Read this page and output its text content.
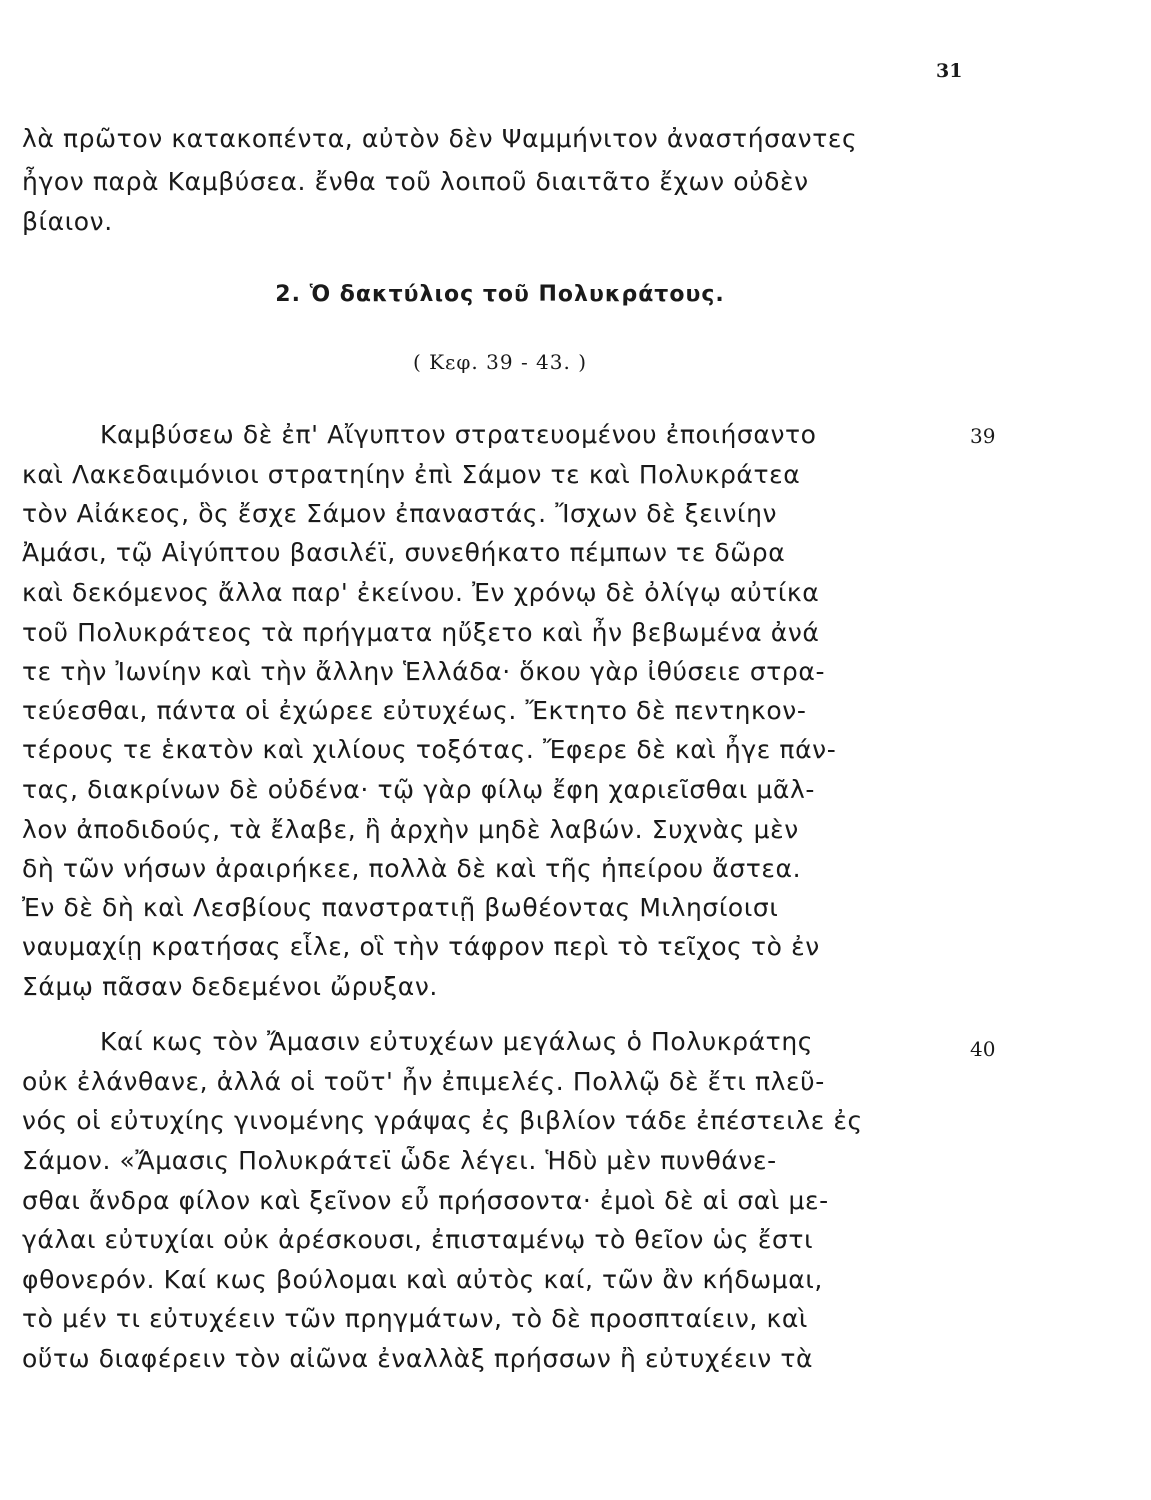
31

λὰ πρῶτον κατακοπέντα, αὐτὸν δὲν Ψαμμήνιτον ἀναστήσαντες

ἦγον παρὰ Καμβύσεα. ἔνθα τοῦ λοιποῦ διαιτᾶτο ἔχων οὐδὲν

βίαιον.

2. Ὁ δακτύλιος τοῦ Πολυκράτους.
( Κεφ. 39 - 43. )
39

Καμβύσεω δὲ ἐπ' Αἴγυπτον στρατευομένου ἐποιήσαντο

καὶ Λακεδαιμόνιοι στρατηίην ἐπὶ Σάμον τε καὶ Πολυκράτεα

τὸν Αἰάκεος, ὃς ἔσχε Σάμον ἐπαναστάς. Ἴσχων δὲ ξεινίην

Ἀμάσι, τῷ Αἰγύπτου βασιλέϊ, συνεθήκατο πέμπων τε δῶρα

καὶ δεκόμενος ἄλλα παρ' ἐκείνου. Ἐν χρόνῳ δὲ ὀλίγῳ αὐτίκα

τοῦ Πολυκράτεος τὰ πρήγματα ηὔξετο καὶ ἦν βεβωμένα ἀνά

τε τὴν Ἰωνίην καὶ τὴν ἄλλην Ἑλλάδα· ὅκου γὰρ ἰθύσειε στρα-

τεύεσθαι, πάντα οἱ ἐχώρεε εὐτυχέως. Ἔκτητο δὲ πεντηκον-

τέρους τε ἑκατὸν καὶ χιλίους τοξότας. Ἔφερε δὲ καὶ ἦγε πάν-

τας, διακρίνων δὲ οὐδένα· τῷ γὰρ φίλῳ ἔφη χαριεῖσθαι μᾶλ-

λον ἀποδιδούς, τὰ ἔλαβε, ἢ ἀρχὴν μηδὲ λαβών. Συχνὰς μὲν

δὴ τῶν νήσων ἀραιρήκεε, πολλὰ δὲ καὶ τῆς ἠπείρου ἄστεα.

Ἐν δὲ δὴ καὶ Λεσβίους πανστρατιῇ βωθέοντας Μιλησίοισι

ναυμαχίῃ κρατήσας εἷλε, οἳ τὴν τάφρον περὶ τὸ τεῖχος τὸ ἐν

Σάμῳ πᾶσαν δεδεμένοι ὤρυξαν.

40

Καί κως τὸν Ἄμασιν εὐτυχέων μεγάλως ὁ Πολυκράτης

οὐκ ἐλάνθανε, ἀλλά οἱ τοῦτ' ἦν ἐπιμελές. Πολλῷ δὲ ἔτι πλεῦ-

νός οἱ εὐτυχίης γινομένης γράψας ἐς βιβλίον τάδε ἐπέστειλε ἐς

Σάμον. «Ἄμασις Πολυκράτεϊ ὧδε λέγει. Ἡδὺ μὲν πυνθάνε-

σθαι ἄνδρα φίλον καὶ ξεῖνον εὖ πρήσσοντα· ἐμοὶ δὲ αἱ σαὶ με-

γάλαι εὐτυχίαι οὐκ ἀρέσκουσι, ἐπισταμένῳ τὸ θεῖον ὡς ἔστι

φθονερόν. Καί κως βούλομαι καὶ αὐτὸς καί, τῶν ἂν κήδωμαι,

τὸ μέν τι εὐτυχέειν τῶν πρηγμάτων, τὸ δὲ προσπταίειν, καὶ

οὕτω διαφέρειν τὸν αἰῶνα ἐναλλὰξ πρήσσων ἢ εὐτυχέειν τὰ
